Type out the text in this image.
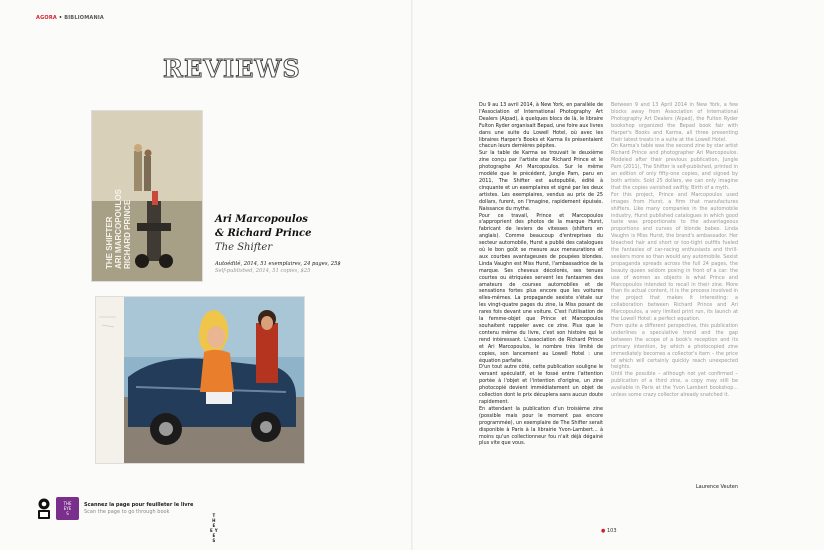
AGORA • BIBLIOMANIA
REVIEWS
THE SHIFTER ARI MARCOPOULOS RICHARD PRINCE	Ari Marcopoulos
& Richard Prince
The Shifter
Autoédité, 2014, 51 exemplaires, 24 pages, 25$
Self-published, 2014, 51 copies, $25
THE
EYE
S
Scannez la page pour feuilleter le livre
Scan the page to go through book
T
H
E
E Y
E
S

Du 9 au 13 avril 2014, à New York, en parallèle de l'Association of International Photography Art Dealers (Aipad), à quelques blocs de là, le libraire Fulton Ryder organisait Bepad, une foire aux livres dans une suite du Lowell Hotel, où avec les libraires Harper's Books et Karma ils présentaient chacun leurs dernières pépites.

Sur la table de Karma se trouvait le deuxième zine conçu par l'artiste star Richard Prince et le photographe Ari Marcopoulos. Sur le même modèle que le précédent, Jungle Pam, paru en 2011, The Shifter est autopublié, édité à cinquante et un exemplaires et signé par les deux artistes. Les exemplaires, vendus au prix de 25 dollars, furent, on l'imagine, rapidement épuisés. Naissance du mythe.

Pour ce travail, Prince et Marcopoulos s'approprient des photos de la marque Hurst, fabricant de leviers de vitesses (shifters en anglais). Comme beaucoup d'entreprises du secteur automobile, Hurst a publié des catalogues où le bon goût se mesure aux mensurations et aux courbes avantageuses de poupées blondes. Linda Vaughn est Miss Hurst, l'ambassadrice de la marque. Ses cheveux décolorés, ses tenues courtes ou étriquées servent les fantasmes des amateurs de courses automobiles et de sensations fortes plus encore que les voitures elles-mêmes. La propagande sexiste s'étale sur les vingt-quatre pages du zine, la Miss posant de rares fois devant une voiture. C'est l'utilisation de la femme-objet que Prince et Marcopoulos souhaitent rappeler avec ce zine. Plus que le contenu même du livre, c'est son histoire qui le rend intéressant. L'association de Richard Prince et Ari Marcopoulos, le nombre très limité de copies, son lancement au Lowell Hotel : une équation parfaite.

D'un tout autre côté, cette publication souligne le versant spéculatif, et le fossé entre l'attention portée à l'objet et l'intention d'origine, un zine photocopié devient immédiatement un objet de collection dont le prix décuplera sans aucun doute rapidement.

En attendant la publication d'un troisième zine (possible mais pour le moment pas encore programmée), un exemplaire de The Shifter serait disponible à Paris à la librairie Yvon-Lambert... à moins qu'un collectionneur fou n'ait déjà dégainé plus vite que vous.

Between 9 and 13 April 2014 in New York, a few blocks away from Association of International Photography Art Dealers (Aipad), the Fulton Ryder bookshop organized the Bepad book fair with Harper's Books and Karma, all three presenting their latest treats in a suite at the Lowell Hotel.

On Karma's table was the second zine by star artist Richard Prince and photographer Ari Marcopoulos. Modeled after their previous publication, Jungle Pam (2011), The Shifter is self-published, printed in an edition of only fifty-one copies, and signed by both artists. Sold 25 dollars, we can only imagine that the copies vanished swiftly. Birth of a myth.

For this project, Prince and Marcopoulos used images from Hurst, a firm that manufactures shifters. Like many companies in the automobile industry, Hurst published catalogues in which good taste was proportionate to the advantageous proportions and curves of blonde babes. Linda Vaughn is Miss Hurst, the brand's ambassador. Her bleached hair and short or too-tight outfits fueled the fantasies of car-racing enthusiasts and thrill-seekers more so than would any automobile. Sexist propaganda spreads across the full 24 pages, the beauty queen seldom posing in front of a car: the use of women as objects is what Prince and Marcopoulos intended to recall in their zine. More than its actual content, it is the process involved in the project that makes it interesting: a collaboration between Richard Prince and Ari Marcopoulos, a very limited print run, its launch at the Lowell Hotel: a perfect equation.

From quite a different perspective, this publication underlines a speculative trend and the gap between the scope of a book's reception and its primary intention, by which a photocopied zine immediately becomes a collector's item – the price of which will certainly quickly reach unexpected heights.

Until the possible – although not yet confirmed – publication of a third zine, a copy may still be available in Paris at the Yvon Lambert bookshop... unless some crazy collector already snatched it.

Laurence Veuten
● 103
